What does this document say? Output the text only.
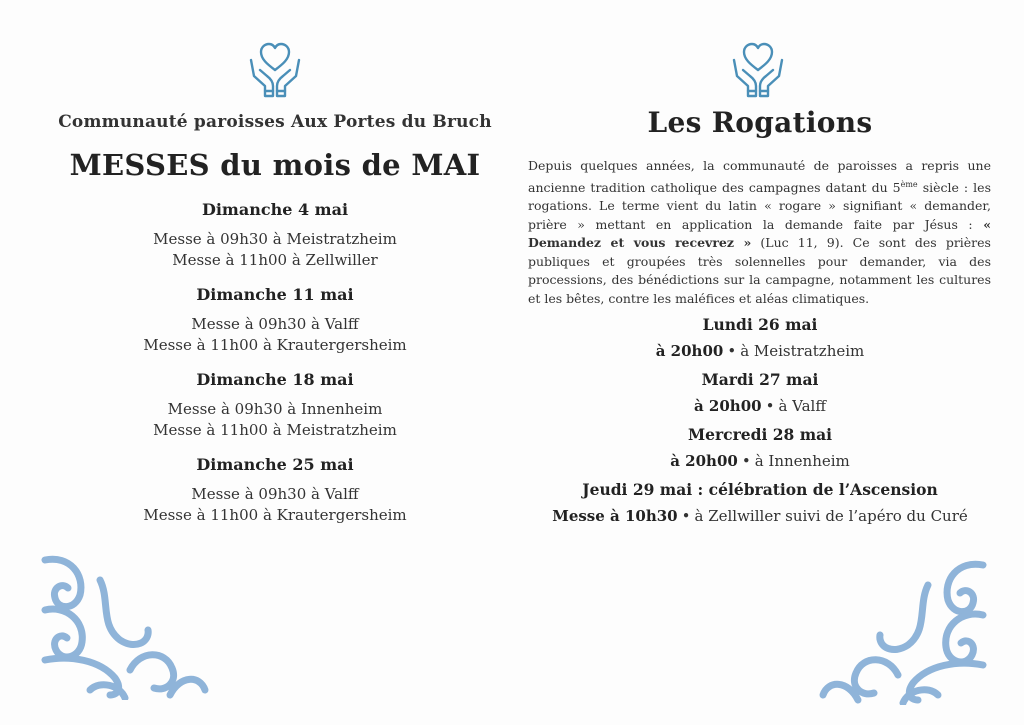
Communauté paroisses Aux Portes du Bruch
MESSES du mois de MAI
Dimanche 4 mai
Messe à 09h30 à Meistratzheim
Messe à 11h00 à Zellwiller
Dimanche 11 mai
Messe à 09h30 à Valff
Messe à 11h00 à Krautergersheim
Dimanche 18 mai
Messe à 09h30 à Innenheim
Messe à 11h00 à Meistratzheim
Dimanche 25 mai
Messe à 09h30 à Valff
Messe à 11h00 à Krautergersheim
Les Rogations
Depuis quelques années, la communauté de paroisses a repris une ancienne tradition catholique des campagnes datant du 5ème siècle : les rogations. Le terme vient du latin « rogare » signifiant « demander, prière » mettant en application la demande faite par Jésus : « Demandez et vous recevrez » (Luc 11, 9). Ce sont des prières publiques et groupées très solennelles pour demander, via des processions, des bénédictions sur la campagne, notamment les cultures et les bêtes, contre les maléfices et aléas climatiques.
Lundi 26 mai
à 20h00 • à Meistratzheim
Mardi 27 mai
à 20h00 • à Valff
Mercredi 28 mai
à 20h00 • à Innenheim
Jeudi 29 mai : célébration de l’Ascension
Messe à 10h30 • à Zellwiller suivi de l’apéro du Curé
